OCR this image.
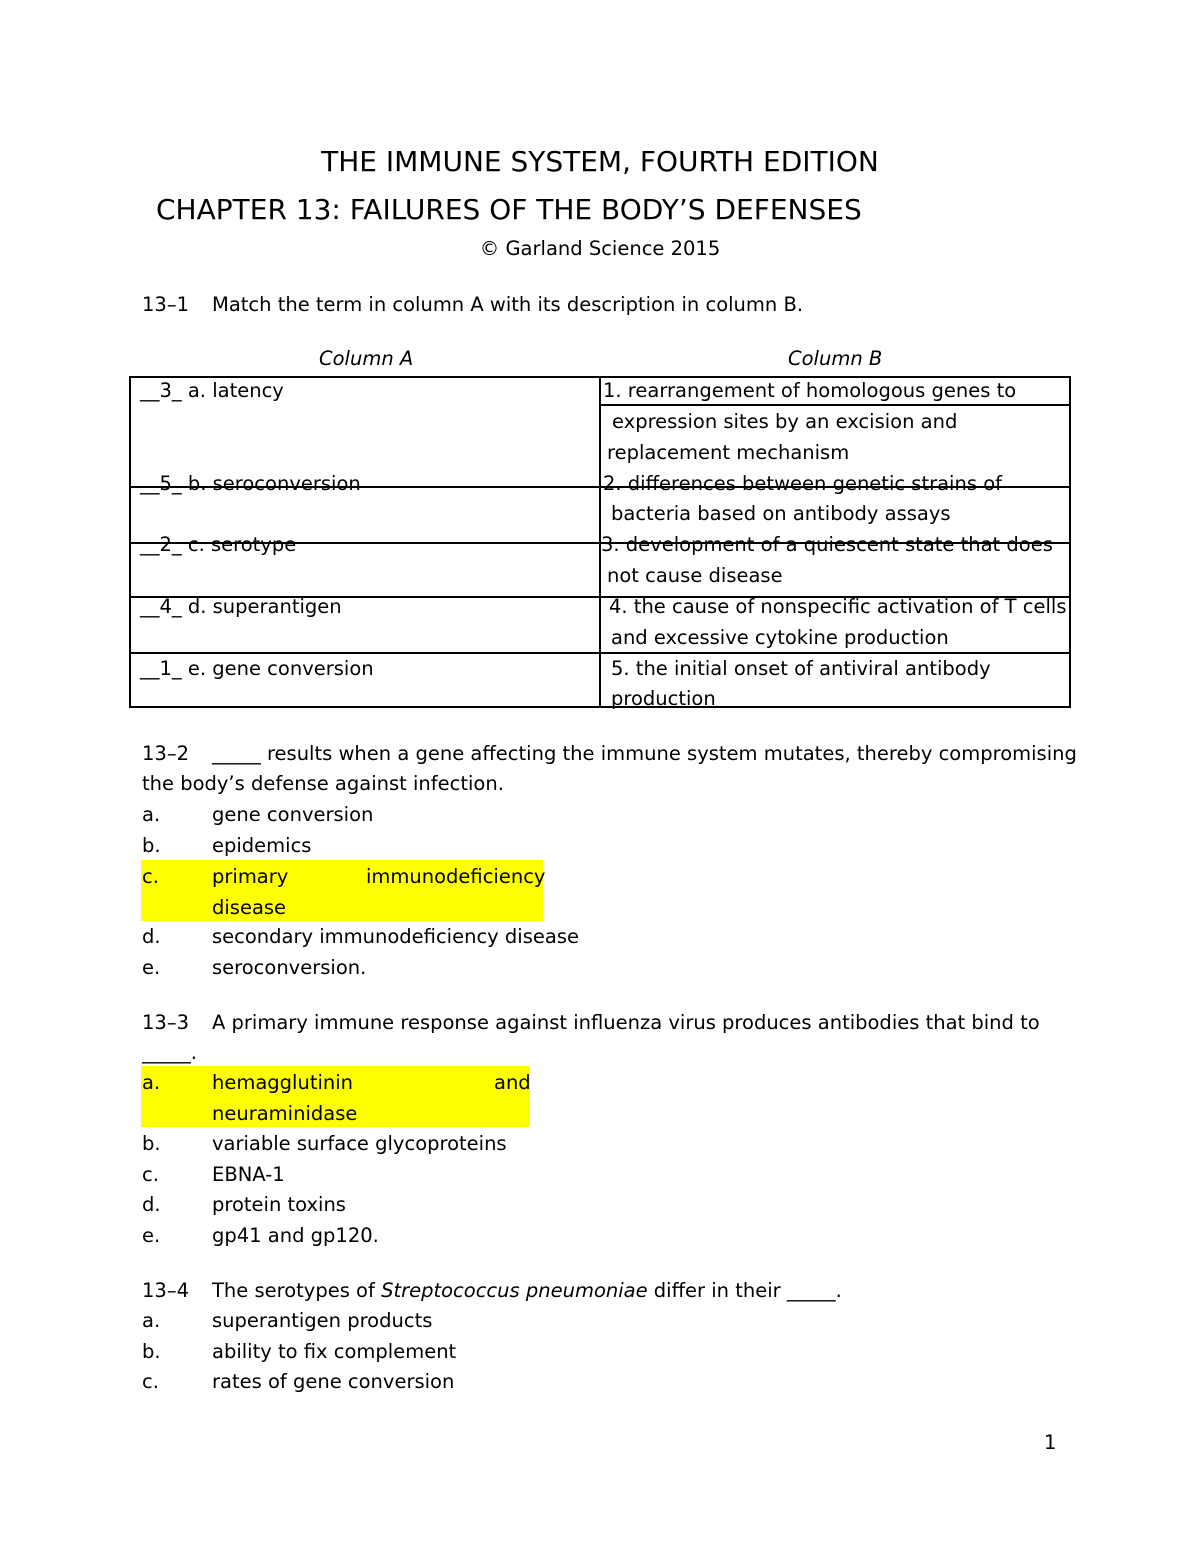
THE IMMUNE SYSTEM, FOURTH EDITION
CHAPTER 13: FAILURES OF THE BODY’S DEFENSES
© Garland Science 2015
13–1 Match the term in column A with its description in column B.
Column A	Column B
__3_ a. latency	1. rearrangement of homologous genes to
expression sites by an excision and
replacement mechanism
__5_ b. seroconversion	2. differences between genetic strains of
bacteria based on antibody assays
__2_ c. serotype	3. development of a quiescent state that does
not cause disease
__4_ d. superantigen	4. the cause of nonspecific activation of T cells
and excessive cytokine production
__1_ e. gene conversion	5. the initial onset of antiviral antibody
production
13–2 _____ results when a gene affecting the immune system mutates, thereby compromising
the body’s defense against infection.
a.	gene conversion
b.	epidemics
c.	primary	immunodeficiency
disease
d.	secondary immunodeficiency disease
e.	seroconversion.
13–3 A primary immune response against influenza virus produces antibodies that bind to
_____.
a.	hemagglutinin	and
neuraminidase
b.	variable surface glycoproteins
c.	EBNA-1
d.	protein toxins
e.	gp41 and gp120.
13–4 The serotypes of Streptococcus pneumoniae differ in their _____.
a.	superantigen products
b.	ability to fix complement
c.	rates of gene conversion
1
